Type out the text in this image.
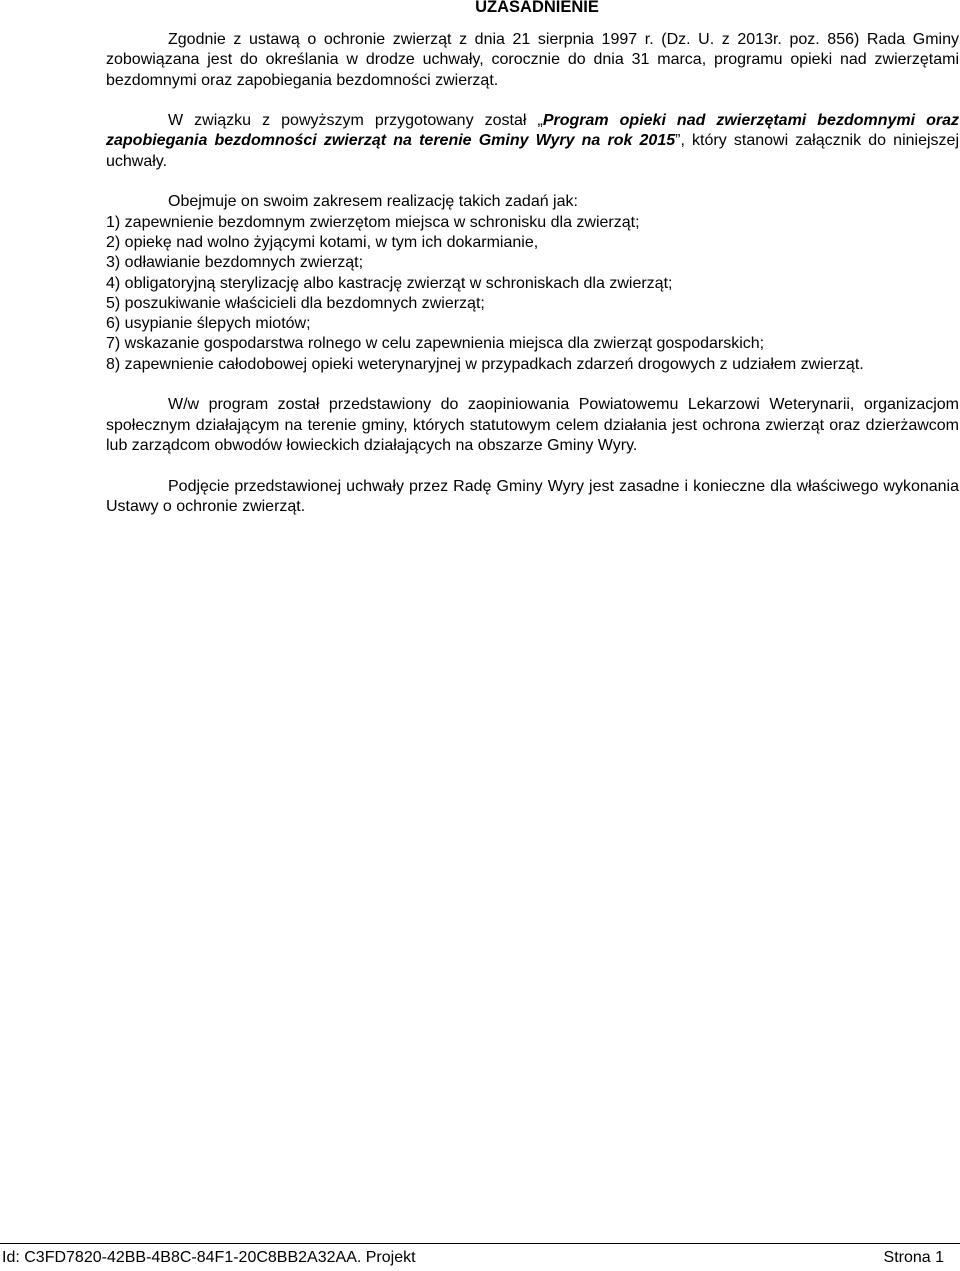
UZASADNIENIE

Zgodnie z ustawą o ochronie zwierząt z dnia 21 sierpnia 1997 r. (Dz. U. z 2013r. poz. 856) Rada Gminy zobowiązana jest do określania w drodze uchwały, corocznie do dnia 31 marca, programu opieki nad zwierzętami bezdomnymi oraz zapobiegania bezdomności zwierząt.

W związku z powyższym przygotowany został „Program opieki nad zwierzętami bezdomnymi oraz zapobiegania bezdomności zwierząt na terenie Gminy Wyry na rok 2015”, który stanowi załącznik do niniejszej uchwały.

Obejmuje on swoim zakresem realizację takich zadań jak:

1) zapewnienie bezdomnym zwierzętom miejsca w schronisku dla zwierząt;
2) opiekę nad wolno żyjącymi kotami, w tym ich dokarmianie,
3) odławianie bezdomnych zwierząt;
4) obligatoryjną sterylizację albo kastrację zwierząt w schroniskach dla zwierząt;
5) poszukiwanie właścicieli dla bezdomnych zwierząt;
6) usypianie ślepych miotów;
7) wskazanie gospodarstwa rolnego w celu zapewnienia miejsca dla zwierząt gospodarskich;
8) zapewnienie całodobowej opieki weterynaryjnej w przypadkach zdarzeń drogowych z udziałem zwierząt.

W/w program został przedstawiony do zaopiniowania Powiatowemu Lekarzowi Weterynarii, organizacjom społecznym działającym na terenie gminy, których statutowym celem działania jest ochrona zwierząt oraz dzierżawcom lub zarządcom obwodów łowieckich działających na obszarze Gminy Wyry.

Podjęcie przedstawionej uchwały przez Radę Gminy Wyry jest zasadne i konieczne dla właściwego wykonania Ustawy o ochronie zwierząt.

Id: C3FD7820-42BB-4B8C-84F1-20C8BB2A32AA. Projekt	Strona 1
